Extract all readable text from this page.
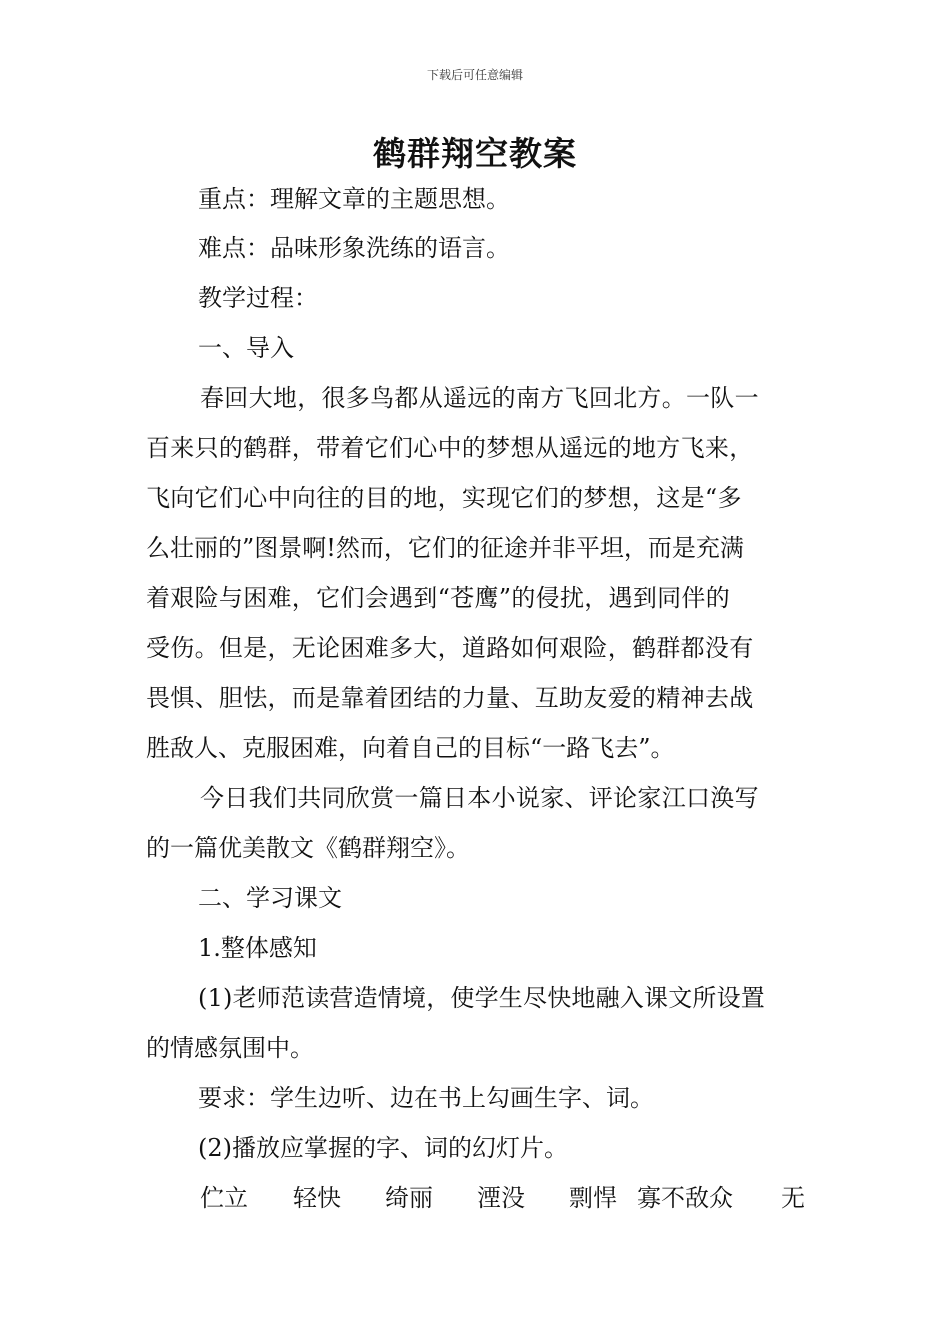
下载后可任意编辑
鹤群翔空教案
重点：理解文章的主题思想。
难点：品味形象洗练的语言。
教学过程：
一、导入
春回大地，很多鸟都从遥远的南方飞回北方。一队一
百来只的鹤群，带着它们心中的梦想从遥远的地方飞来，
飞向它们心中向往的目的地，实现它们的梦想，这是“多
么壮丽的”图景啊!然而，它们的征途并非平坦，而是充满
着艰险与困难，它们会遇到“苍鹰”的侵扰，遇到同伴的
受伤。但是，无论困难多大，道路如何艰险，鹤群都没有
畏惧、胆怯，而是靠着团结的力量、互助友爱的精神去战
胜敌人、克服困难，向着自己的目标“一路飞去”。
今日我们共同欣赏一篇日本小说家、评论家江口涣写
的一篇优美散文《鹤群翔空》。
二、学习课文
1.整体感知
(1)老师范读营造情境，使学生尽快地融入课文所设置
的情感氛围中。
要求：学生边听、边在书上勾画生字、词。
(2)播放应掌握的字、词的幻灯片。
伫立 轻快 绮丽 湮没 剽悍 寡不敌众 无
